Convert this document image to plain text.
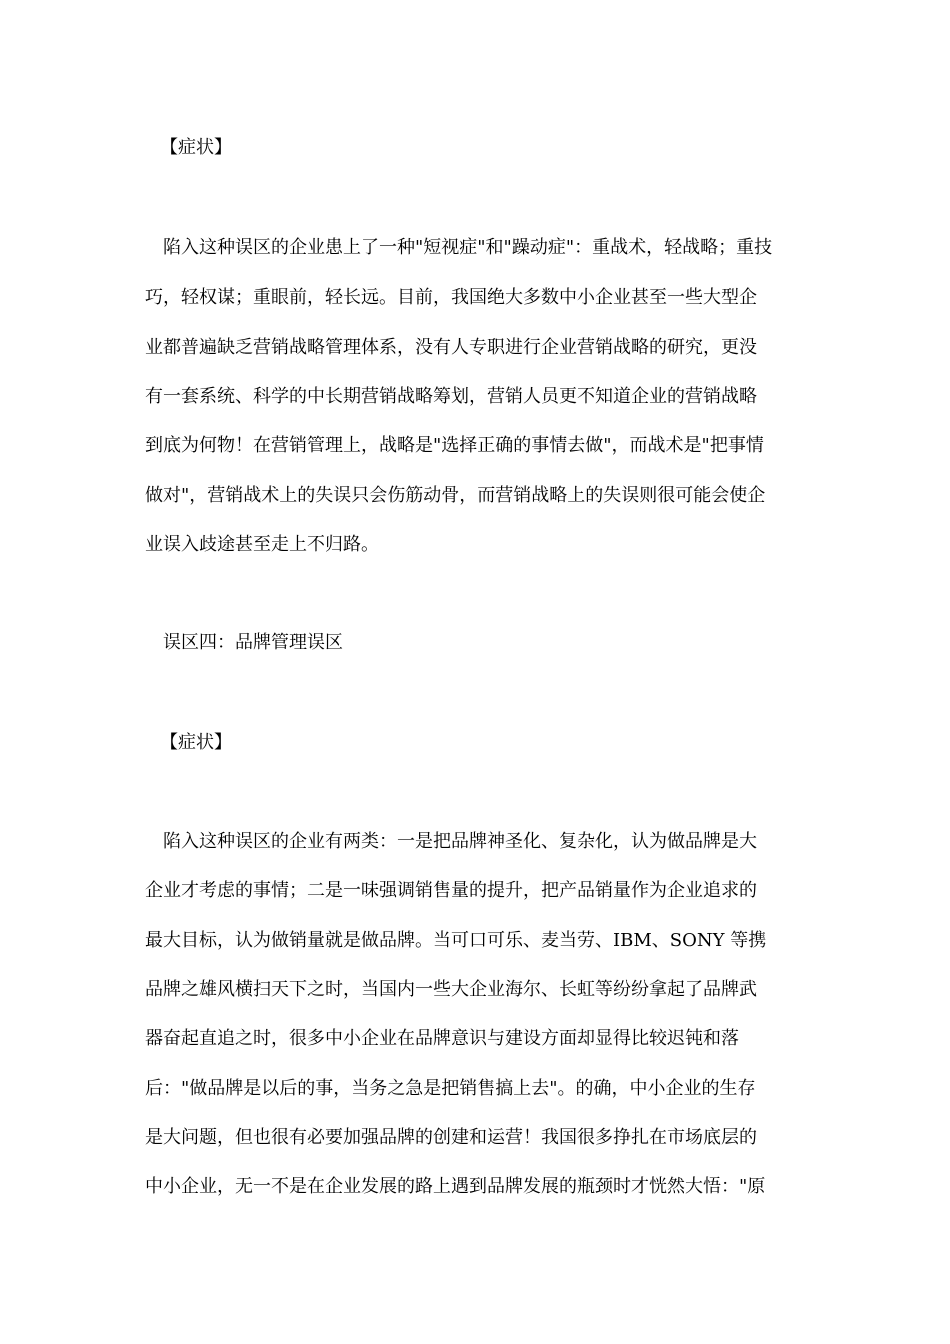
【症状】
陷入这种误区的企业患上了一种"短视症"和"躁动症"：重战术，轻战略；重技
巧，轻权谋；重眼前，轻长远。目前，我国绝大多数中小企业甚至一些大型企
业都普遍缺乏营销战略管理体系，没有人专职进行企业营销战略的研究，更没
有一套系统、科学的中长期营销战略筹划，营销人员更不知道企业的营销战略
到底为何物！在营销管理上，战略是"选择正确的事情去做"，而战术是"把事情
做对"，营销战术上的失误只会伤筋动骨，而营销战略上的失误则很可能会使企
业误入歧途甚至走上不归路。
误区四：品牌管理误区
【症状】
陷入这种误区的企业有两类：一是把品牌神圣化、复杂化，认为做品牌是大
企业才考虑的事情；二是一味强调销售量的提升，把产品销量作为企业追求的
最大目标，认为做销量就是做品牌。当可口可乐、麦当劳、IBM、SONY 等携
品牌之雄风横扫天下之时，当国内一些大企业海尔、长虹等纷纷拿起了品牌武
器奋起直追之时，很多中小企业在品牌意识与建设方面却显得比较迟钝和落
后："做品牌是以后的事，当务之急是把销售搞上去"。的确，中小企业的生存
是大问题，但也很有必要加强品牌的创建和运营！我国很多挣扎在市场底层的
中小企业，无一不是在企业发展的路上遇到品牌发展的瓶颈时才恍然大悟："原
